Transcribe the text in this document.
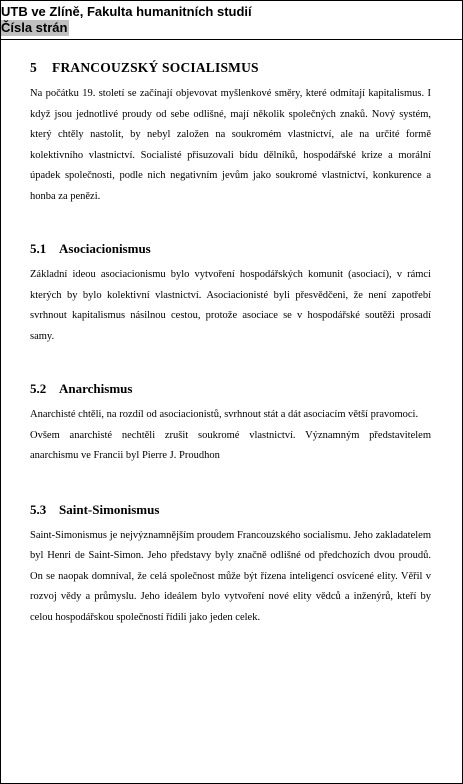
UTB ve Zlíně, Fakulta humanitních studií
Čísla strán
5 FRANCOUZSKÝ SOCIALISMUS

Na počátku 19. století se začínají objevovat myšlenkové směry, které odmítají kapitalismus. I když jsou jednotlivé proudy od sebe odlišné, mají několik společných znaků. Nový systém, který chtěly nastolit, by nebyl založen na soukromém vlastnictví, ale na určité formě kolektivního vlastnictví. Socialisté přisuzovali bídu dělníků, hospodářské krize a morální úpadek společnosti, podle nich negativním jevům jako soukromé vlastnictví, konkurence a honba za penězi.

5.1 Asociacionismus

Základní ideou asociacionismu bylo vytvoření hospodářských komunit (asociací), v rámci kterých by bylo kolektivní vlastnictví. Asociacionisté byli přesvědčeni, že není zapotřebí svrhnout kapitalismus násilnou cestou, protože asociace se v hospodářské soutěži prosadí samy.

5.2 Anarchismus

Anarchisté chtěli, na rozdíl od asociacionistů, svrhnout stát a dát asociacím větší pravomoci.

Ovšem anarchisté nechtěli zrušit soukromé vlastnictví. Významným představitelem anarchismu ve Francii byl Pierre J. Proudhon

5.3 Saint-Simonismus

Saint-Simonismus je nejvýznamnějším proudem Francouzského socialismu. Jeho zakladatelem byl Henri de Saint-Simon. Jeho představy byly značně odlišné od předchozích dvou proudů. On se naopak domníval, že celá společnost může být řízena inteligencí osvícené elity. Věřil v rozvoj vědy a průmyslu. Jeho ideálem bylo vytvoření nové elity vědců a inženýrů, kteří by celou hospodářskou společností řídili jako jeden celek.
